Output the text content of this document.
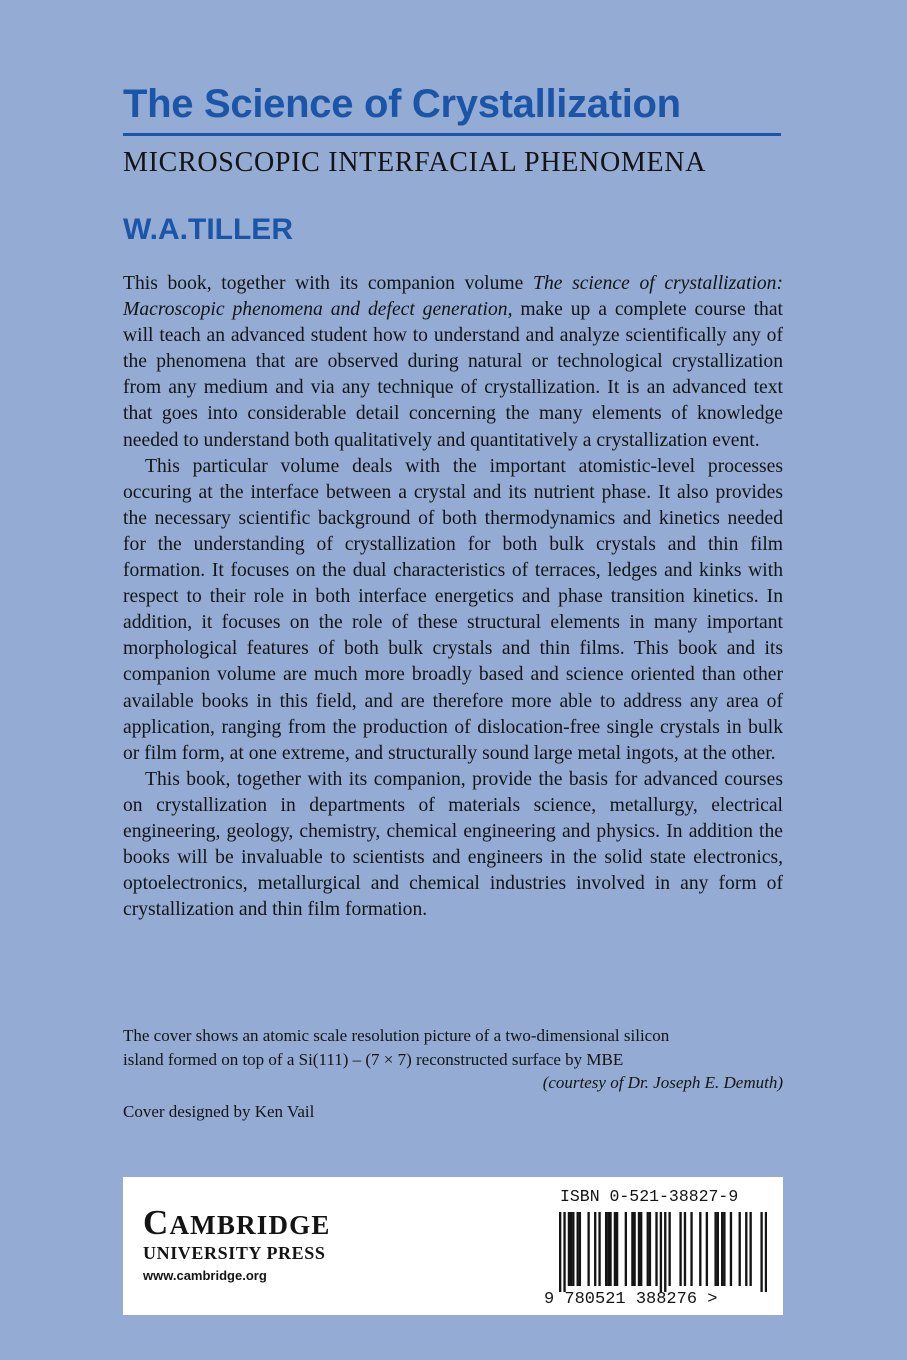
The Science of Crystallization
MICROSCOPIC INTERFACIAL PHENOMENA
W.A.TILLER

This book, together with its companion volume The science of crystallization: Macroscopic phenomena and defect generation, make up a complete course that will teach an advanced student how to understand and analyze scientifically any of the phenomena that are observed during natural or technological crystallization from any medium and via any technique of crystallization. It is an advanced text that goes into considerable detail concerning the many elements of knowledge needed to understand both qualitatively and quantitatively a crystallization event.

This particular volume deals with the important atomistic-level processes occuring at the interface between a crystal and its nutrient phase. It also provides the necessary scientific background of both thermodynamics and kinetics needed for the understanding of crystallization for both bulk crystals and thin film formation. It focuses on the dual characteristics of terraces, ledges and kinks with respect to their role in both interface energetics and phase transition kinetics. In addition, it focuses on the role of these structural elements in many important morphological features of both bulk crystals and thin films. This book and its companion volume are much more broadly based and science oriented than other available books in this field, and are therefore more able to address any area of application, ranging from the production of dislocation-free single crystals in bulk or film form, at one extreme, and structurally sound large metal ingots, at the other.

This book, together with its companion, provide the basis for advanced courses on crystallization in departments of materials science, metallurgy, electrical engineering, geology, chemistry, chemical engineering and physics. In addition the books will be invaluable to scientists and engineers in the solid state electronics, optoelectronics, metallurgical and chemical industries involved in any form of crystallization and thin film formation.

The cover shows an atomic scale resolution picture of a two-dimensional silicon
island formed on top of a Si(111) – (7 × 7) reconstructed surface by MBE
(courtesy of Dr. Joseph E. Demuth)
Cover designed by Ken Vail
CAMBRIDGE
UNIVERSITY PRESS
www.cambridge.org
ISBN 0-521-38827-9
9 780521 388276 >
